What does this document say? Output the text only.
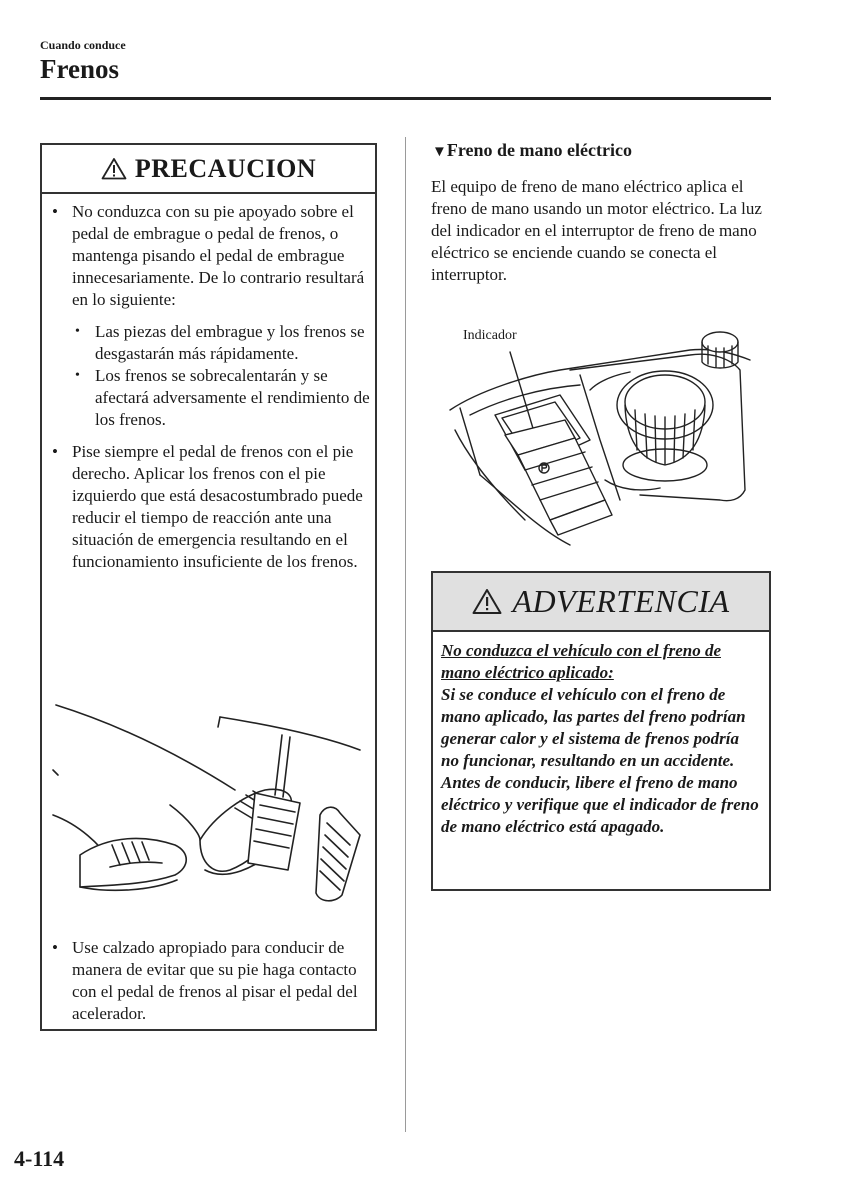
Cuando conduce
Frenos
PRECAUCION
• No conduzca con su pie apoyado sobre el pedal de embrague o pedal de frenos, o mantenga pisando el pedal de embrague innecesariamente. De lo contrario resultará en lo siguiente:
• Las piezas del embrague y los frenos se desgastarán más rápidamente.
• Los frenos se sobrecalentarán y se afectará adversamente el rendimiento de los frenos.
• Pise siempre el pedal de frenos con el pie derecho. Aplicar los frenos con el pie izquierdo que está desacostumbrado puede reducir el tiempo de reacción ante una situación de emergencia resultando en el funcionamiento insuficiente de los frenos.
• Use calzado apropiado para conducir de manera de evitar que su pie haga contacto con el pedal de frenos al pisar el pedal del acelerador.
▼Freno de mano eléctrico

El equipo de freno de mano eléctrico aplica el freno de mano usando un motor eléctrico. La luz del indicador en el interruptor de freno de mano eléctrico se enciende cuando se conecta el interruptor.

Indicador
ADVERTENCIA
No conduzca el vehículo con el freno de mano eléctrico aplicado:
Si se conduce el vehículo con el freno de mano aplicado, las partes del freno podrían generar calor y el sistema de frenos podría no funcionar, resultando en un accidente.
Antes de conducir, libere el freno de mano eléctrico y verifique que el indicador de freno de mano eléctrico está apagado.
4-114
